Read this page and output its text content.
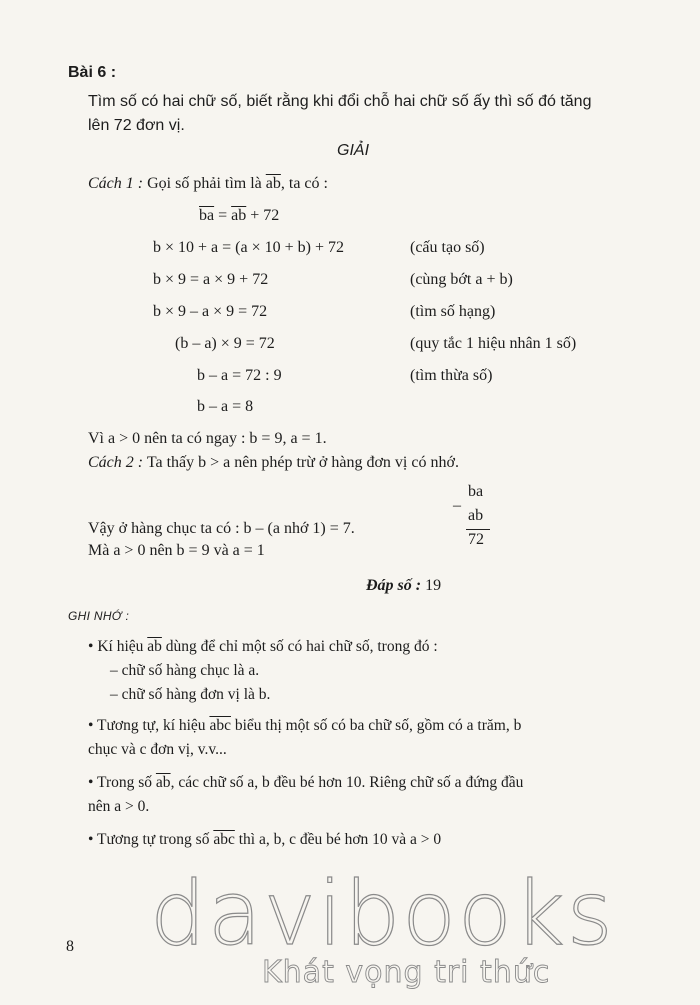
Bài 6 :
Tìm số có hai chữ số, biết rằng khi đổi chỗ hai chữ số ấy thì số đó tăng
lên 72 đơn vị.
GIẢI
Cách 1 : Gọi số phải tìm là $\overline{ab}$, ta có :
$\overline{ba} = \overline{ab} + 72$
b × 10 + a = (a × 10 + b) + 72	(cấu tạo số)
b × 9 = a × 9 + 72	(cùng bớt a + b)
b × 9 – a × 9 = 72	(tìm số hạng)
(b – a) × 9 = 72	(quy tắc 1 hiệu nhân 1 số)
b – a = 72 : 9	(tìm thừa số)
b – a = 8
Vì a > 0 nên ta có ngay : b = 9, a = 1.
Cách 2 : Ta thấy b > a nên phép trừ ở hàng đơn vị có nhớ.
Vậy ở hàng chục ta có : b – (a nhớ 1) = 7.
Mà a > 0 nên b = 9 và a = 1
ba
–
ab
72
Đáp số : 19
GHI NHỚ :
• Kí hiệu $\overline{ab}$ dùng để chỉ một số có hai chữ số, trong đó :
– chữ số hàng chục là a.
– chữ số hàng đơn vị là b.
• Tương tự, kí hiệu $\overline{abc}$ biểu thị một số có ba chữ số, gồm có a trăm, b
chục và c đơn vị, v.v...
• Trong số $\overline{ab}$, các chữ số a, b đều bé hơn 10. Riêng chữ số a đứng đầu
nên a > 0.
• Tương tự trong số $\overline{abc}$ thì a, b, c đều bé hơn 10 và a > 0
davibooks
Khát vọng tri thức
8
